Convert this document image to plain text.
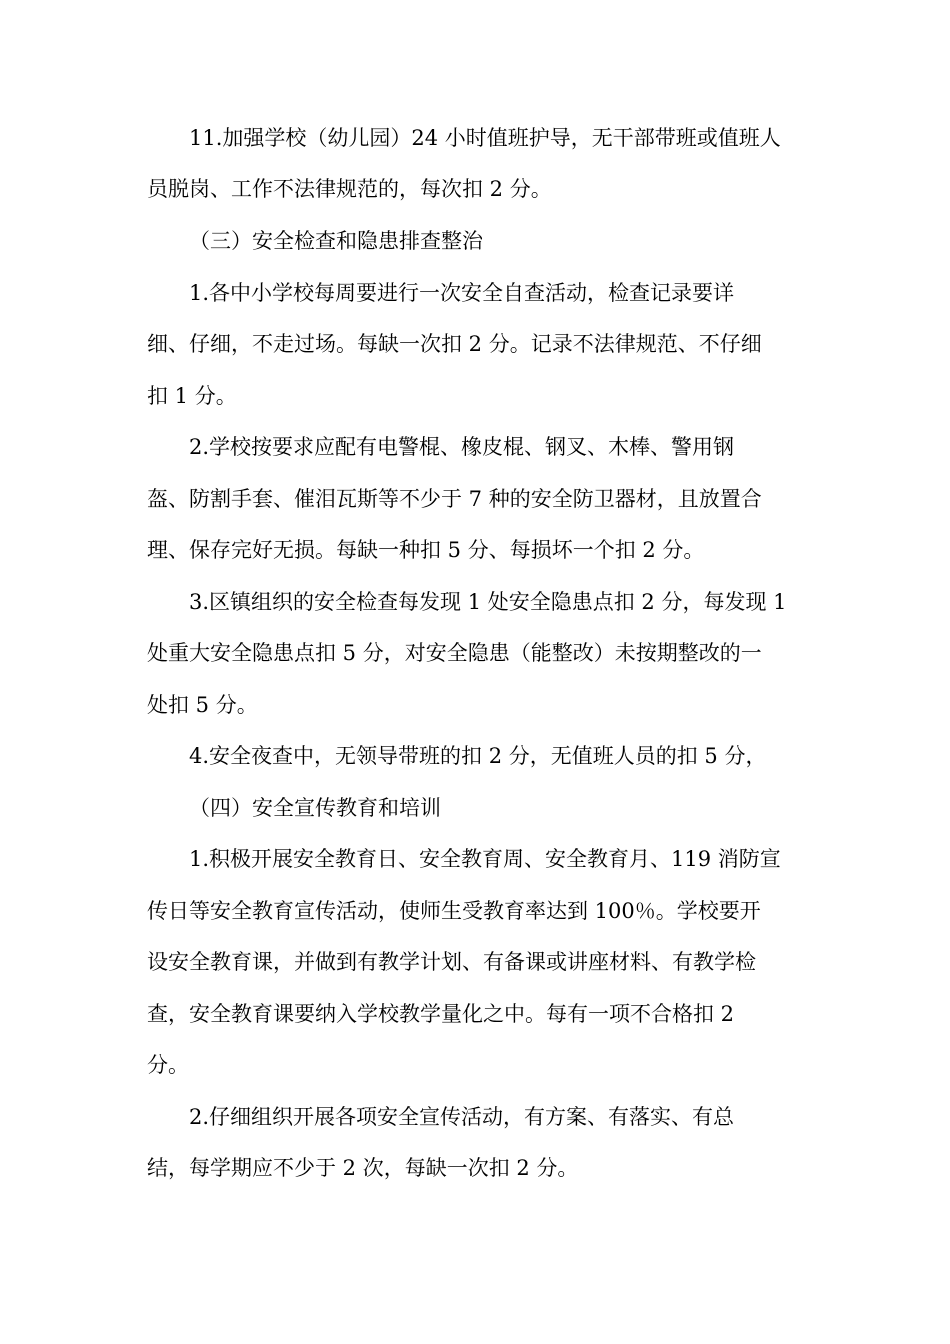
11.加强学校（幼儿园）24 小时值班护导，无干部带班或值班人
员脱岗、工作不法律规范的，每次扣 2 分。
（三）安全检查和隐患排查整治
1.各中小学校每周要进行一次安全自查活动，检查记录要详
细、仔细，不走过场。每缺一次扣 2 分。记录不法律规范、不仔细
扣 1 分。
2.学校按要求应配有电警棍、橡皮棍、钢叉、木棒、警用钢
盔、防割手套、催泪瓦斯等不少于 7 种的安全防卫器材，且放置合
理、保存完好无损。每缺一种扣 5 分、每损坏一个扣 2 分。
3.区镇组织的安全检查每发现 1 处安全隐患点扣 2 分，每发现 1
处重大安全隐患点扣 5 分，对安全隐患（能整改）未按期整改的一
处扣 5 分。
4.安全夜查中，无领导带班的扣 2 分，无值班人员的扣 5 分，
（四）安全宣传教育和培训
1.积极开展安全教育日、安全教育周、安全教育月、119 消防宣
传日等安全教育宣传活动，使师生受教育率达到 100％。学校要开
设安全教育课，并做到有教学计划、有备课或讲座材料、有教学检
查，安全教育课要纳入学校教学量化之中。每有一项不合格扣 2
分。
2.仔细组织开展各项安全宣传活动，有方案、有落实、有总
结，每学期应不少于 2 次，每缺一次扣 2 分。
